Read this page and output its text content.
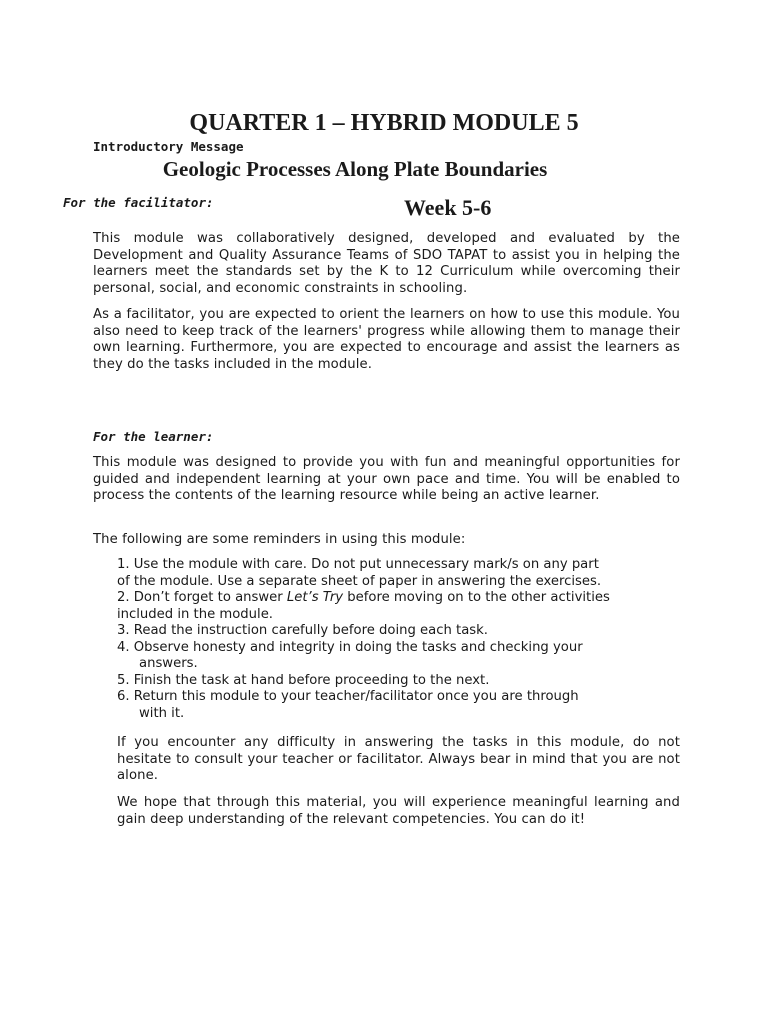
QUARTER 1 – HYBRID MODULE 5
Introductory Message
Geologic Processes Along Plate Boundaries
For the facilitator:	Week 5-6
This module was collaboratively designed, developed and evaluated by the Development and Quality Assurance Teams of SDO TAPAT to assist you in helping the learners meet the standards set by the K to 12 Curriculum while overcoming their personal, social, and economic constraints in schooling.
As a facilitator, you are expected to orient the learners on how to use this module. You also need to keep track of the learners' progress while allowing them to manage their own learning. Furthermore, you are expected to encourage and assist the learners as they do the tasks included in the module.
For the learner:
This module was designed to provide you with fun and meaningful opportunities for guided and independent learning at your own pace and time. You will be enabled to process the contents of the learning resource while being an active learner.
The following are some reminders in using this module:
1. Use the module with care. Do not put unnecessary mark/s on any part
of the module. Use a separate sheet of paper in answering the exercises.
2. Don’t forget to answer Let’s Try before moving on to the other activities
included in the module.
3. Read the instruction carefully before doing each task.
4. Observe honesty and integrity in doing the tasks and checking your
answers.
5. Finish the task at hand before proceeding to the next.
6. Return this module to your teacher/facilitator once you are through
with it.
If you encounter any difficulty in answering the tasks in this module, do not hesitate to consult your teacher or facilitator. Always bear in mind that you are not alone.
We hope that through this material, you will experience meaningful learning and gain deep understanding of the relevant competencies. You can do it!
